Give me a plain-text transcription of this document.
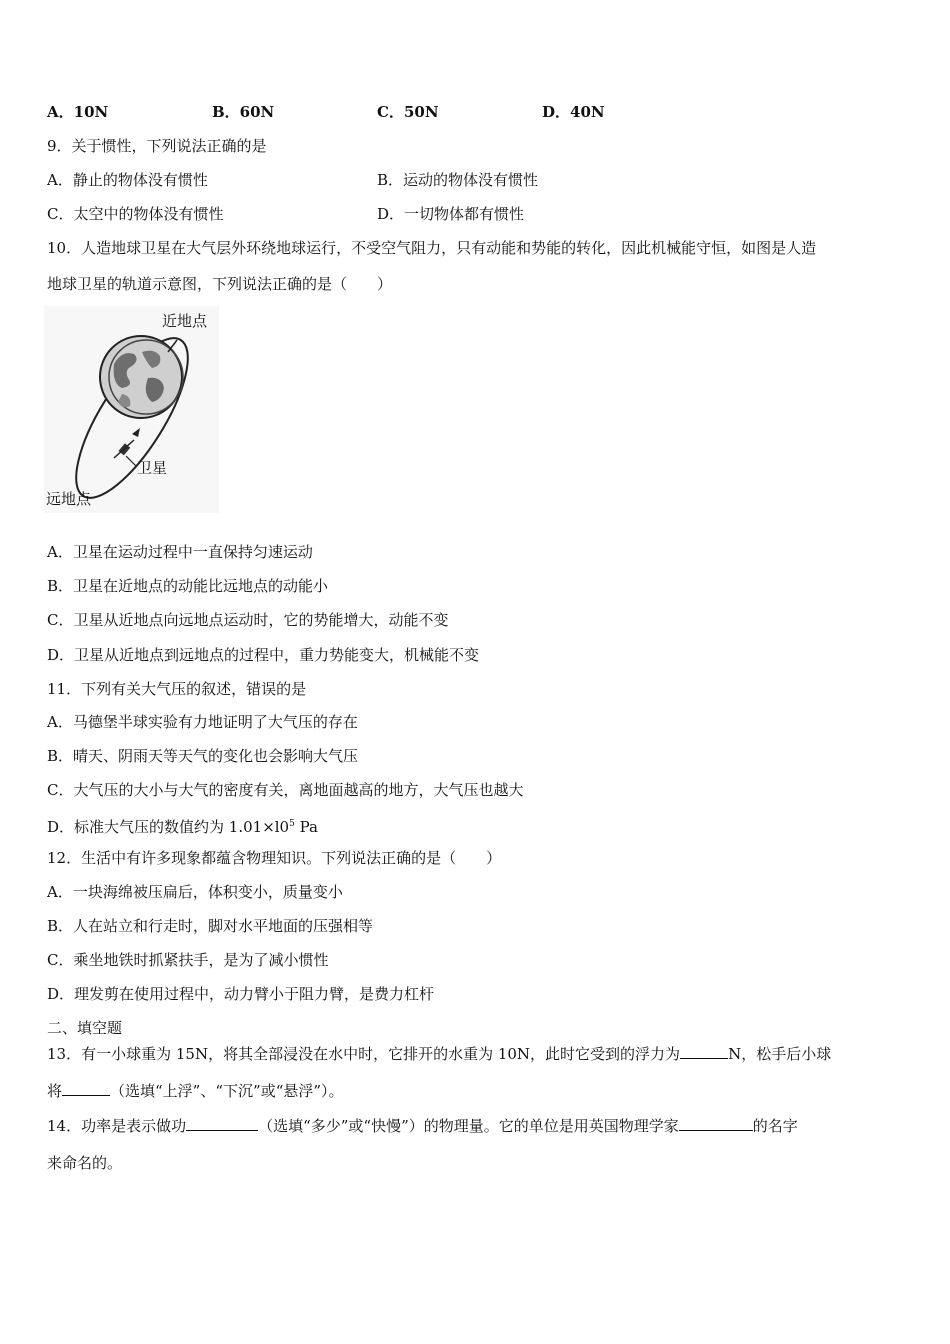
A．10N	B．60N	C．50N	D．40N
9．关于惯性，下列说法正确的是
A．静止的物体没有惯性	B．运动的物体没有惯性
C．太空中的物体没有惯性	D．一切物体都有惯性
10．人造地球卫星在大气层外环绕地球运行，不受空气阻力，只有动能和势能的转化，因此机械能守恒，如图是人造
地球卫星的轨道示意图，下列说法正确的是（　　）
近地点
卫星
远地点
A．卫星在运动过程中一直保持匀速运动
B．卫星在近地点的动能比远地点的动能小
C．卫星从近地点向远地点运动时，它的势能增大，动能不变
D．卫星从近地点到远地点的过程中，重力势能变大，机械能不变
11．下列有关大气压的叙述，错误的是
A．马德堡半球实验有力地证明了大气压的存在
B．晴天、阴雨天等天气的变化也会影响大气压
C．大气压的大小与大气的密度有关，离地面越高的地方，大气压也越大
D．标准大气压的数值约为 $1.01\times l0^5$ Pa
12．生活中有许多现象都蕴含物理知识。下列说法正确的是（　　）
A．一块海绵被压扁后，体积变小，质量变小
B．人在站立和行走时，脚对水平地面的压强相等
C．乘坐地铁时抓紧扶手，是为了减小惯性
D．理发剪在使用过程中，动力臂小于阻力臂，是费力杠杆
二、填空题
13．有一小球重为 15N，将其全部浸没在水中时，它排开的水重为 10N，此时它受到的浮力为	N，松手后小球
将	（选填“上浮”、“下沉”或“悬浮”）。
14．功率是表示做功	（选填“多少”或“快慢”）的物理量。它的单位是用英国物理学家	的名字
来命名的。
